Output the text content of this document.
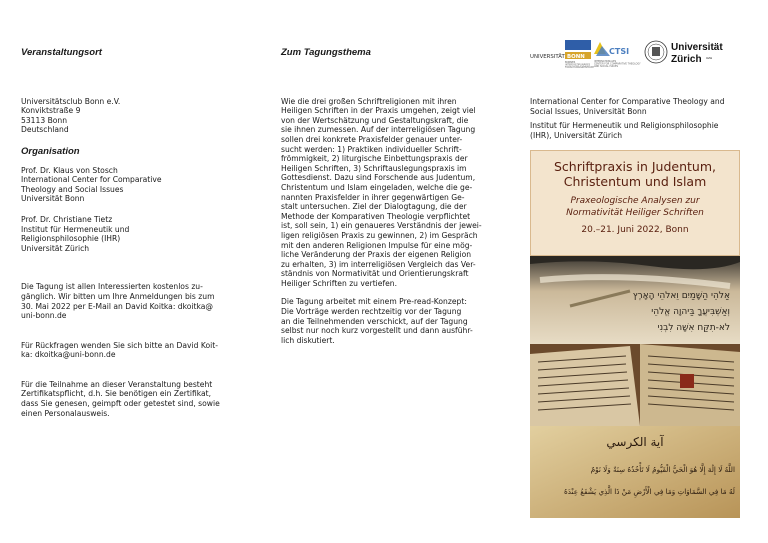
Veranstaltungsort
Universitätsclub Bonn e.V.
Konviktstraße 9
53113 Bonn
Deutschland
Organisation
Prof. Dr. Klaus von Stosch
International Center for Comparative
Theology and Social Issues
Universität Bonn
Prof. Dr. Christiane Tietz
Institut für Hermeneutik und
Religionsphilosophie (IHR)
Universität Zürich
Die Tagung ist allen Interessierten kostenlos zu-
gänglich. Wir bitten um Ihre Anmeldungen bis zum
30. Mai 2022 per E-Mail an David Koitka: dkoitka@
uni-bonn.de
Für Rückfragen wenden Sie sich bitte an David Koit-
ka: dkoitka@uni-bonn.de
Für die Teilnahme an dieser Veranstaltung besteht
Zertifikatspflicht, d.h. Sie benötigen ein Zertifikat,
dass Sie genesen, geimpft oder getestet sind, sowie
einen Personalausweis.
Zum Tagungsthema
Wie die drei großen Schriftreligionen mit ihren
Heiligen Schriften in der Praxis umgehen, zeigt viel
von der Wertschätzung und Gestaltungskraft, die
sie ihnen zumessen. Auf der interreligiösen Tagung
sollen drei konkrete Praxisfelder genauer unter-
sucht werden: 1) Praktiken individueller Schrift-
frömmigkeit, 2) liturgische Einbettungspraxis der
Heiligen Schriften, 3) Schriftauslegungspraxis im
Gottesdienst. Dazu sind Forschende aus Judentum,
Christentum und Islam eingeladen, welche die ge-
nannten Praxisfelder in ihrer gegenwärtigen Ge-
stalt untersuchen. Ziel der Dialogtagung, die der
Methode der Komparativen Theologie verpflichtet
ist, soll sein, 1) ein genaueres Verständnis der jewei-
ligen religiösen Praxis zu gewinnen, 2) im Gespräch
mit den anderen Religionen Impulse für eine mög-
liche Veränderung der Praxis der eigenen Religion
zu erhalten, 3) im interreligiösen Vergleich das Ver-
ständnis von Normativität und Orientierungskraft
Heiliger Schriften zu vertiefen.
Die Tagung arbeitet mit einem Pre-read-Konzept:
Die Vorträge werden rechtzeitig vor der Tagung
an die Teilnehmenden verschickt, auf der Tagung
selbst nur noch kurz vorgestellt und dann ausführ-
lich diskutiert.
UNIVERSITÄT BONN
BONNER
INTERDISZIPLINÄRES
FORSCHUNGSZENTRUM
CTSI
INTERNATIONALES
CENTER FOR COMPARATIVE THEOLOGY
AND SOCIAL ISSUES
Universität
Zürich UZH
International Center for Comparative Theology and
Social Issues, Universität Bonn
Institut für Hermeneutik und Religionsphilosophie
(IHR), Universität Zürich
Schriftpraxis in Judentum,
Christentum und Islam
Praxeologische Analysen zur
Normativität Heiliger Schriften
20.–21. Juni 2022, Bonn
אַלֹהֵי הַשָּׁמַיִם וֵאלֹהֵי הָאָרֶץ
וְאַשְׁבִּיעֲךָ בַּיהוָה אֱלֹהֵי
לֹא-תִקַּח אִשָּׁה לִבְנִי
آية الكرسي
اللَّهُ لَا إِلَٰهَ إِلَّا هُوَ الْحَيُّ الْقَيُّومُ لَا تَأْخُذُهُ سِنَةٌ وَلَا نَوْمٌ
لَهُ مَا فِي السَّمَاوَاتِ وَمَا فِي الْأَرْضِ مَنْ ذَا الَّذِي يَشْفَعُ عِنْدَهُ
